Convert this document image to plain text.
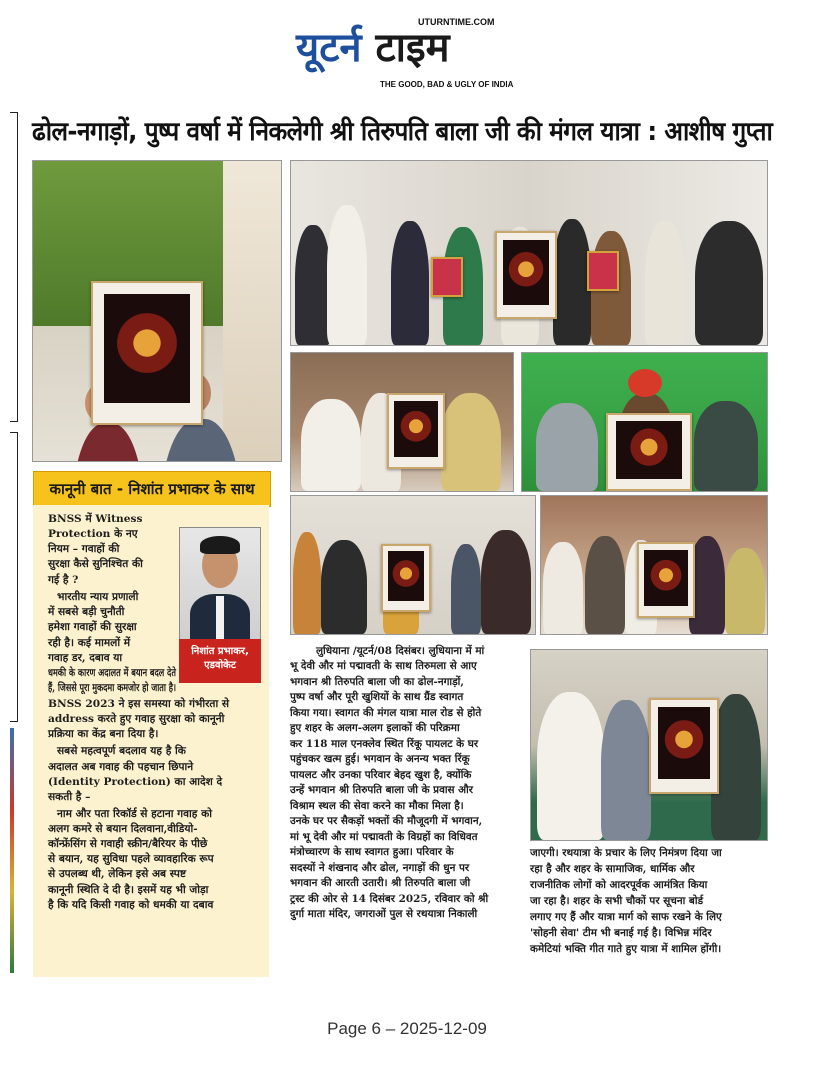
UTURNTIME.COM
यूटर्न टाइम
THE GOOD, BAD & UGLY OF INDIA
ढोल-नगाड़ों, पुष्प वर्षा में निकलेगी श्री तिरुपति बाला जी की मंगल यात्रा : आशीष गुप्ता
कानूनी बात - निशांत प्रभाकर के साथ
निशांत प्रभाकर,
एडवोकेट
BNSS में Witness
Protection के नए
नियम – गवाहों की
सुरक्षा कैसे सुनिश्चित की
गई है ?
भारतीय न्याय प्रणाली
में सबसे बड़ी चुनौती
हमेशा गवाहों की सुरक्षा
रही है। कई मामलों में
गवाह डर, दबाव या
धमकी के कारण अदालत में बयान बदल देते
हैं, जिससे पूरा मुकदमा कमजोर हो जाता है।
BNSS 2023 ने इस समस्या को गंभीरता से
address करते हुए गवाह सुरक्षा को कानूनी
प्रक्रिया का केंद्र बना दिया है।
सबसे महत्वपूर्ण बदलाव यह है कि
अदालत अब गवाह की पहचान छिपाने
(Identity Protection) का आदेश दे
सकती है –
नाम और पता रिकॉर्ड से हटाना गवाह को
अलग कमरे से बयान दिलवाना,वीडियो-
कॉन्फ्रेंसिंग से गवाही स्क्रीन/बैरियर के पीछे
से बयान, यह सुविधा पहले व्यावहारिक रूप
से उपलब्ध थी, लेकिन इसे अब स्पष्ट
कानूनी स्थिति दे दी है। इसमें यह भी जोड़ा
है कि यदि किसी गवाह को धमकी या दबाव
लुधियाना /यूटर्न/08 दिसंबर। लुधियाना में मां
भू देवी और मां पद्मावती के साथ तिरुमला से आए
भगवान श्री तिरुपति बाला जी का ढोल-नगाड़ों,
पुष्प वर्षा और पूरी खुशियों के साथ ग्रैंड स्वागत
किया गया। स्वागत की मंगल यात्रा माल रोड से होते
हुए शहर के अलग-अलग इलाकों की परिक्रमा
कर 118 माल एनक्लेव स्थित रिंकू पायलट के घर
पहुंचकर खत्म हुई। भगवान के अनन्य भक्त रिंकू
पायलट और उनका परिवार बेहद खुश है, क्योंकि
उन्हें भगवान श्री तिरुपति बाला जी के प्रवास और
विश्राम स्थल की सेवा करने का मौका मिला है।
उनके घर पर सैकड़ों भक्तों की मौजूदगी में भगवान,
मां भू देवी और मां पद्मावती के विग्रहों का विधिवत
मंत्रोच्चारण के साथ स्वागत हुआ। परिवार के
सदस्यों ने शंखनाद और ढोल, नगाड़ों की धुन पर
भगवान की आरती उतारी। श्री तिरुपति बाला जी
ट्रस्ट की ओर से 14 दिसंबर 2025, रविवार को श्री
दुर्गा माता मंदिर, जगराओं पुल से रथयात्रा निकाली
जाएगी। रथयात्रा के प्रचार के लिए निमंत्रण दिया जा
रहा है और शहर के सामाजिक, धार्मिक और
राजनीतिक लोगों को आदरपूर्वक आमंत्रित किया
जा रहा है। शहर के सभी चौकों पर सूचना बोर्ड
लगाए गए हैं और यात्रा मार्ग को साफ रखने के लिए
'सोहनी सेवा' टीम भी बनाई गई है। विभिन्न मंदिर
कमेटियां भक्ति गीत गाते हुए यात्रा में शामिल होंगी।
Page 6 – 2025-12-09
